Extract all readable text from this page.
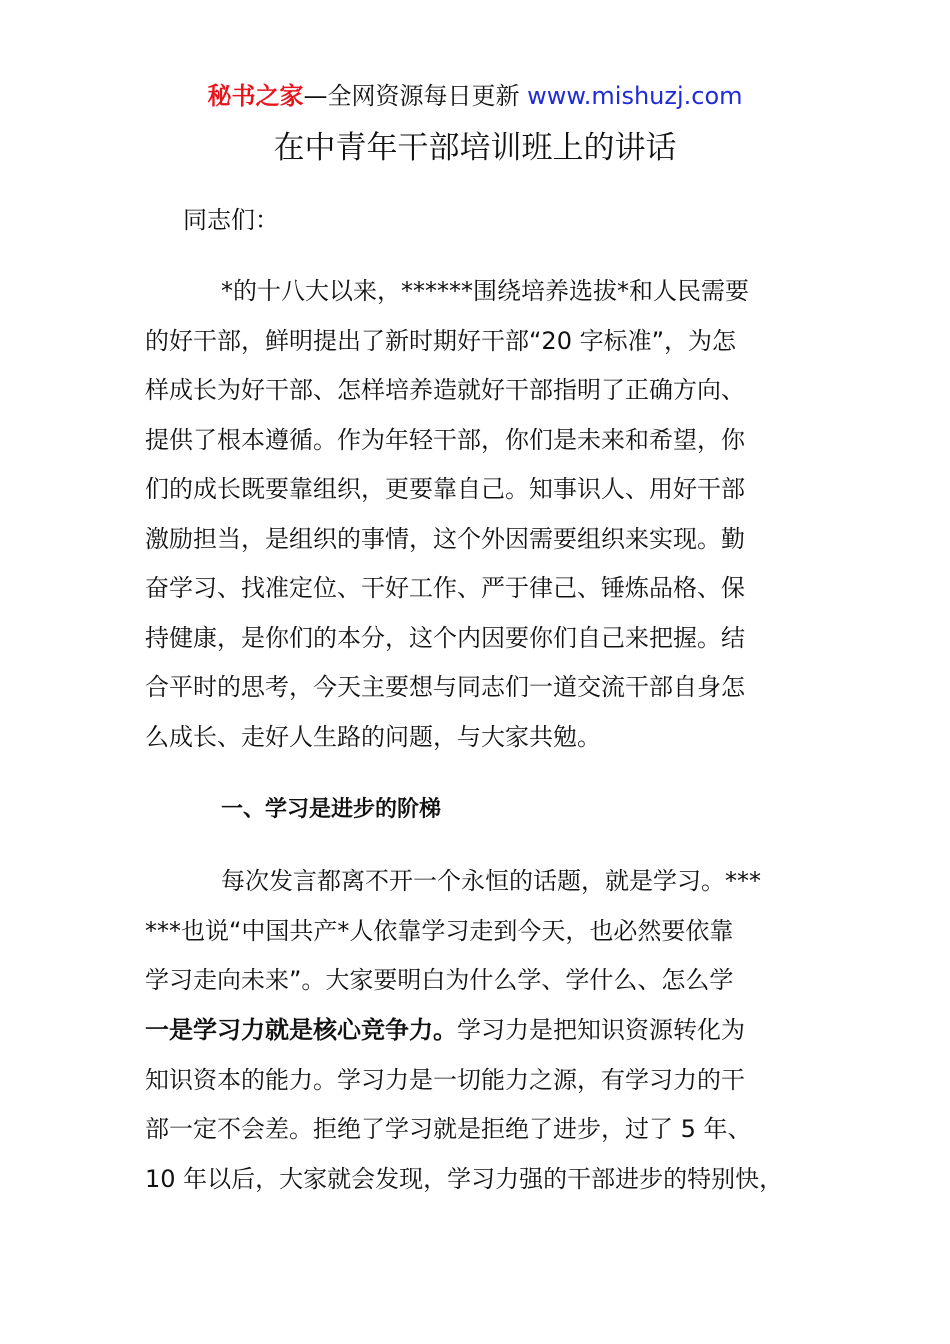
秘书之家—全网资源每日更新 www.mishuzj.com
在中青年干部培训班上的讲话
同志们：
*的十八大以来，******围绕培养选拔*和人民需要
的好干部，鲜明提出了新时期好干部“20 字标准”，为怎
样成长为好干部、怎样培养造就好干部指明了正确方向、
提供了根本遵循。作为年轻干部，你们是未来和希望，你
们的成长既要靠组织，更要靠自己。知事识人、用好干部
激励担当，是组织的事情，这个外因需要组织来实现。勤
奋学习、找准定位、干好工作、严于律己、锤炼品格、保
持健康，是你们的本分，这个内因要你们自己来把握。结
合平时的思考，今天主要想与同志们一道交流干部自身怎
么成长、走好人生路的问题，与大家共勉。
一、学习是进步的阶梯
每次发言都离不开一个永恒的话题，就是学习。***
***也说“中国共产*人依靠学习走到今天，也必然要依靠
学习走向未来”。大家要明白为什么学、学什么、怎么学
一是学习力就是核心竞争力。学习力是把知识资源转化为
知识资本的能力。学习力是一切能力之源，有学习力的干
部一定不会差。拒绝了学习就是拒绝了进步，过了 5 年、
10 年以后，大家就会发现，学习力强的干部进步的特别快，
